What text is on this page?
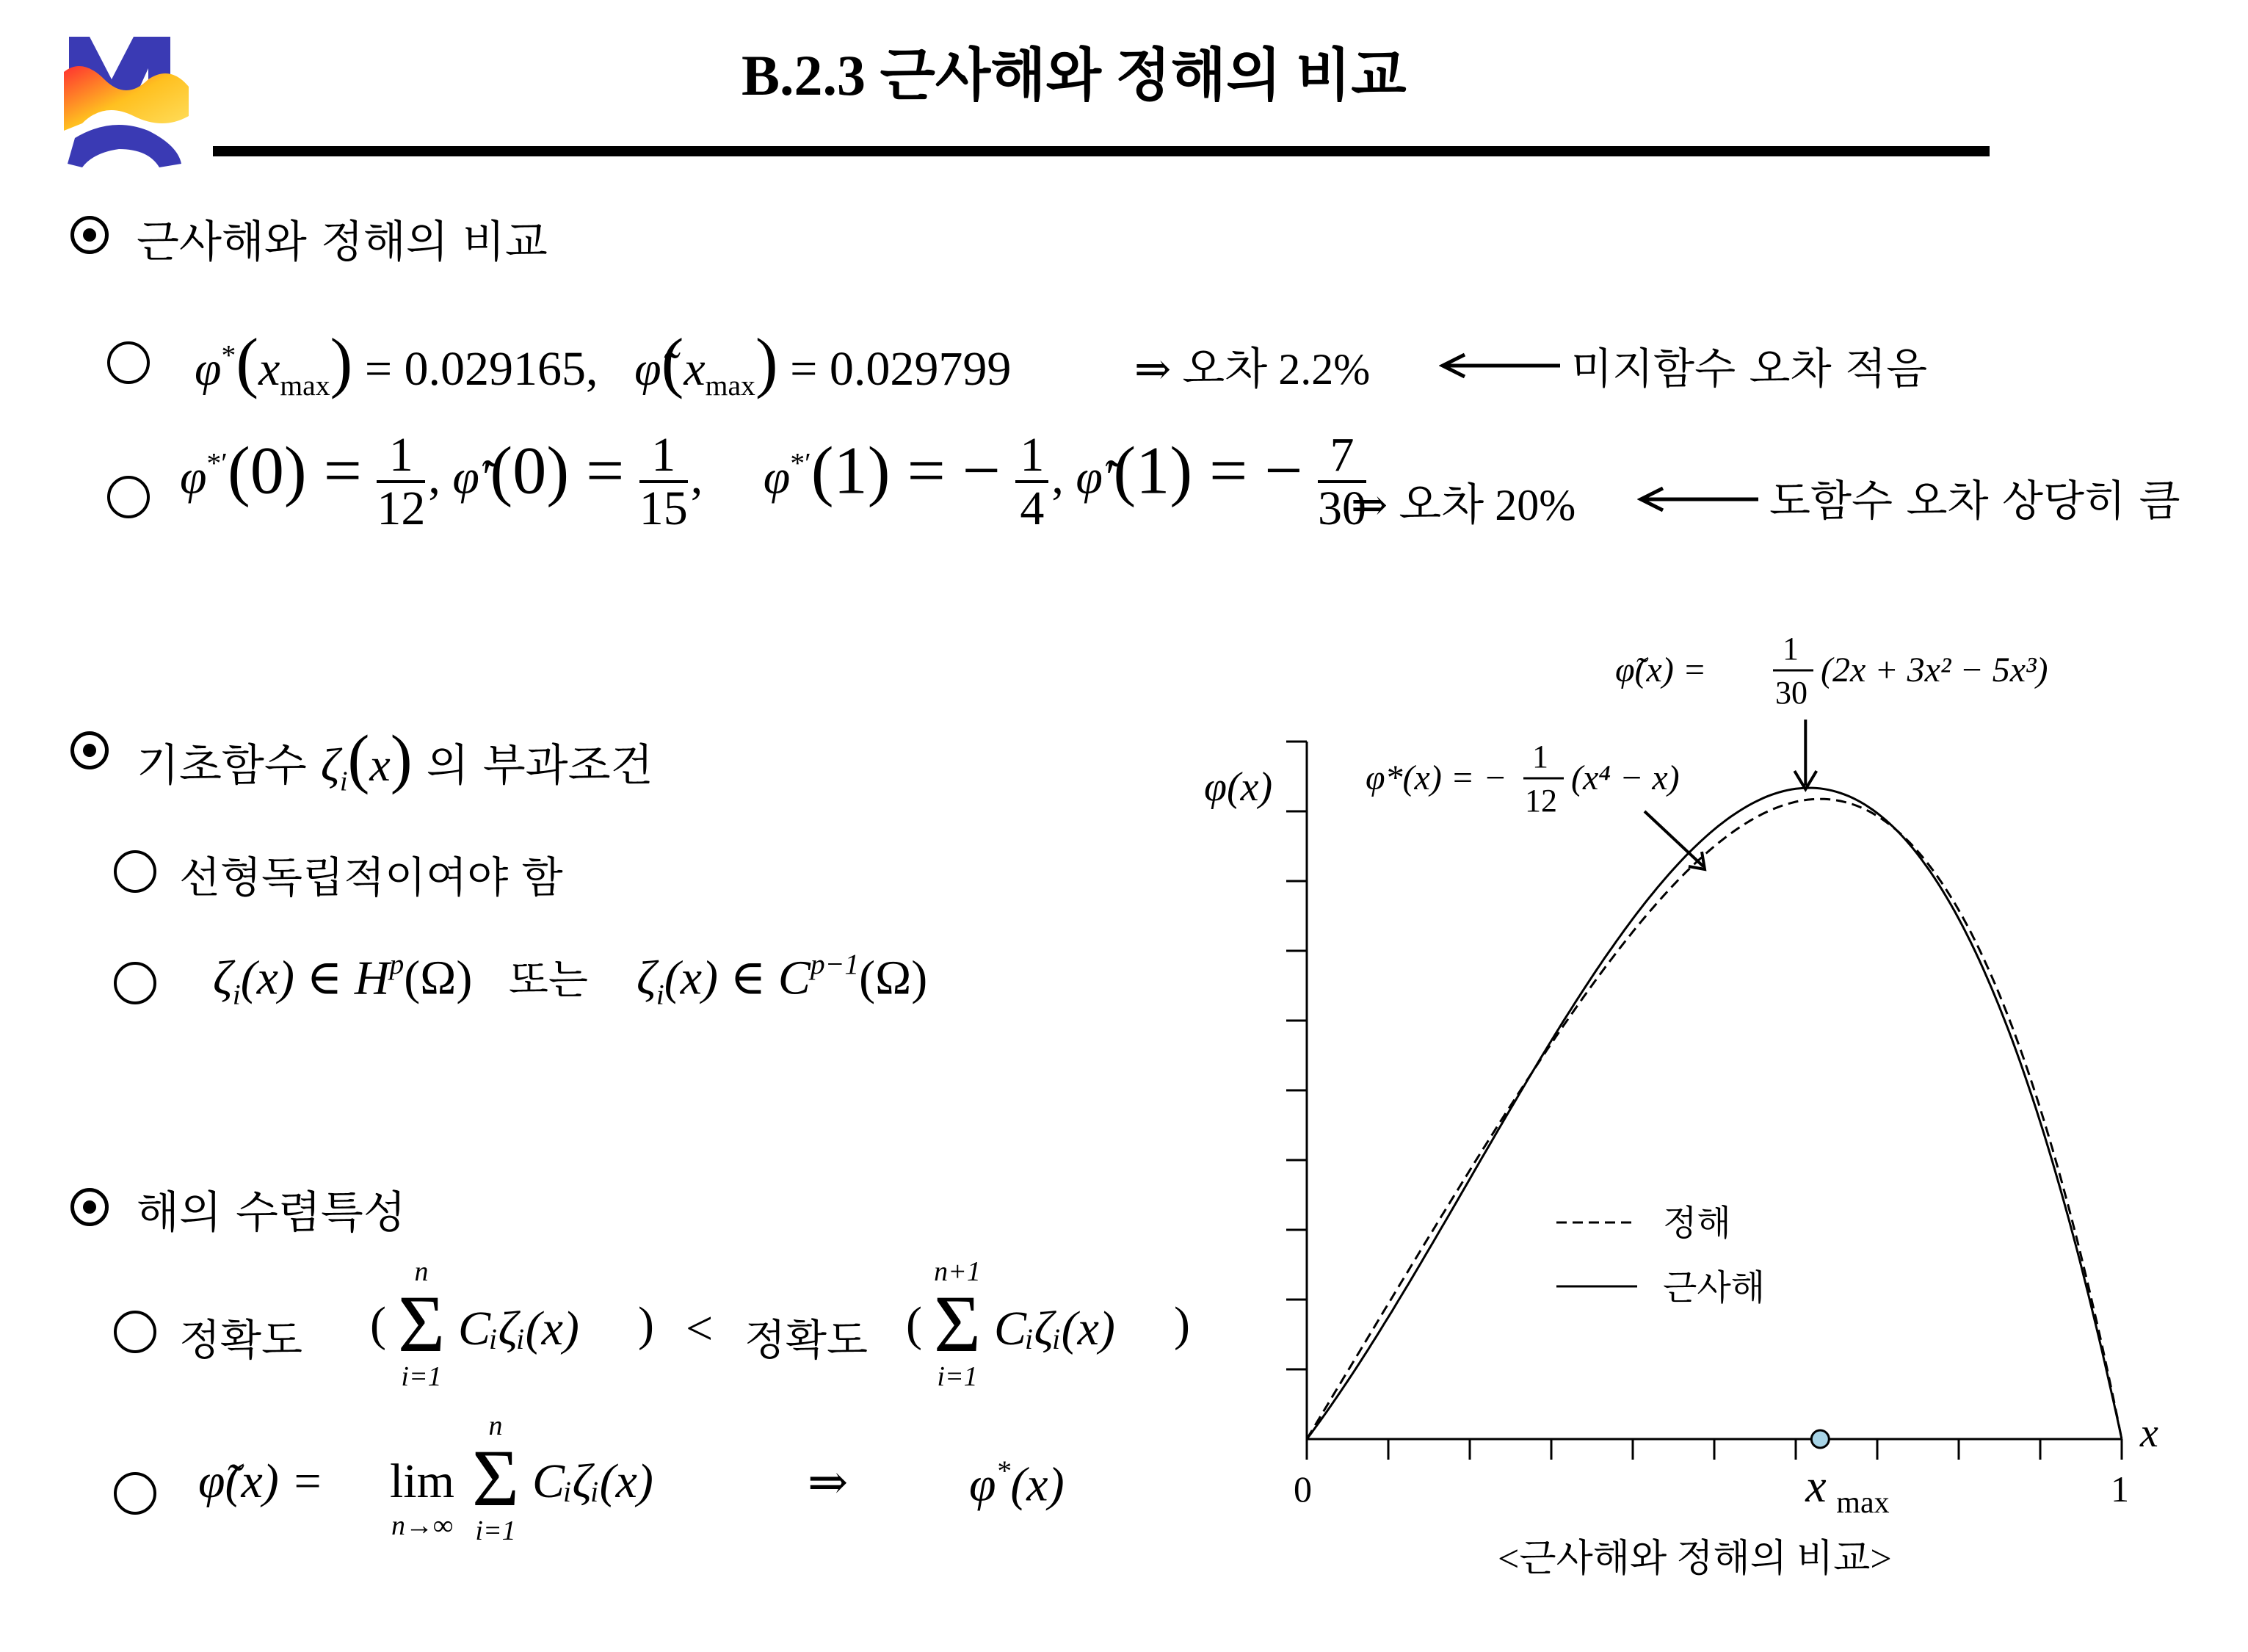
B.2.3 근사해와 정해의 비교
근사해와 정해의 비교
$\varphi^*(x_{max}) = 0.029165$, $\varphĩ(x_{max}) = 0.029799$	⇒ 오차 2.2%	미지함수 오차 적음
$\varphi^{*'}(0) = \frac{1}{12}$ , φ̃′(0) = $\frac{1}{15}$ ,     φ*′(1) = − $\frac{1}{4}$ , φ̃′(1) = − $\frac{7}{30}$
⇒ 오차 20%	도함수 오차 상당히 큼
기초함수 $\zeta_i(x)$ 의 부과조건
선형독립적이여야 함
$\zeta_i(x)$ ∈ $H^p(\Omega)$ 또는 $\zeta_i(x)$ ∈ $C^{p-1}(\Omega)$
해의 수렴특성
정확도 (
n
Σ
i=1
Cᵢζᵢ(x) ) < 정확도 (
n+1
Σ
i=1
Cᵢζᵢ(x) )
φ̃(x) = lim
n→∞
n
Σ
i=1
Cᵢζᵢ(x)	⇒ φ*(x)
φ(x)
x
0	1
x max
φ*(x) = −
1
12
(x⁴ − x)
φ̃(x) =
1
30
(2x + 3x² − 5x³)
정해
근사해
<근사해와 정해의 비교>
